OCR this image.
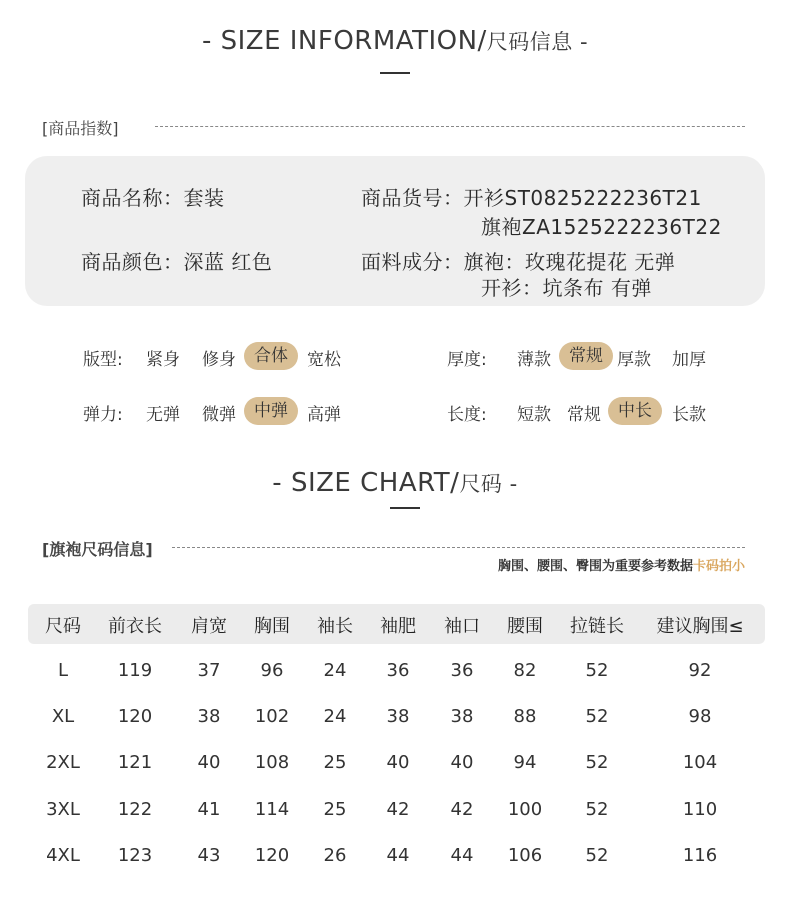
- SIZE INFORMATION/尺码信息 -
[商品指数]
商品名称：套装	商品货号：开衫ST0825222236T21
旗袍ZA1525222236T22
商品颜色：深蓝 红色	面料成分：旗袍：玫瑰花提花 无弹
开衫：坑条布 有弹
版型: 紧身 修身	合体	宽松	厚度: 薄款	常规 厚款 加厚
弹力: 无弹 微弹	中弹	高弹	长度: 短款 常规	中长	长款
- SIZE CHART/尺码 -
[旗袍尺码信息]
胸围、腰围、臀围为重要参考数据卡码拍小
尺码 前衣长 肩宽 胸围 袖长 袖肥 袖口 腰围 拉链长 建议胸围≤
L	119	37 96 24 36 36 82	52	92
XL 120	38 102 24 38 38 88	52	98
2XL 121	40 108 25 40 40 94	52	104
3XL 122	41 114 25 42 42 100 52	110
4XL 123	43 120 26 44 44 106 52	116
